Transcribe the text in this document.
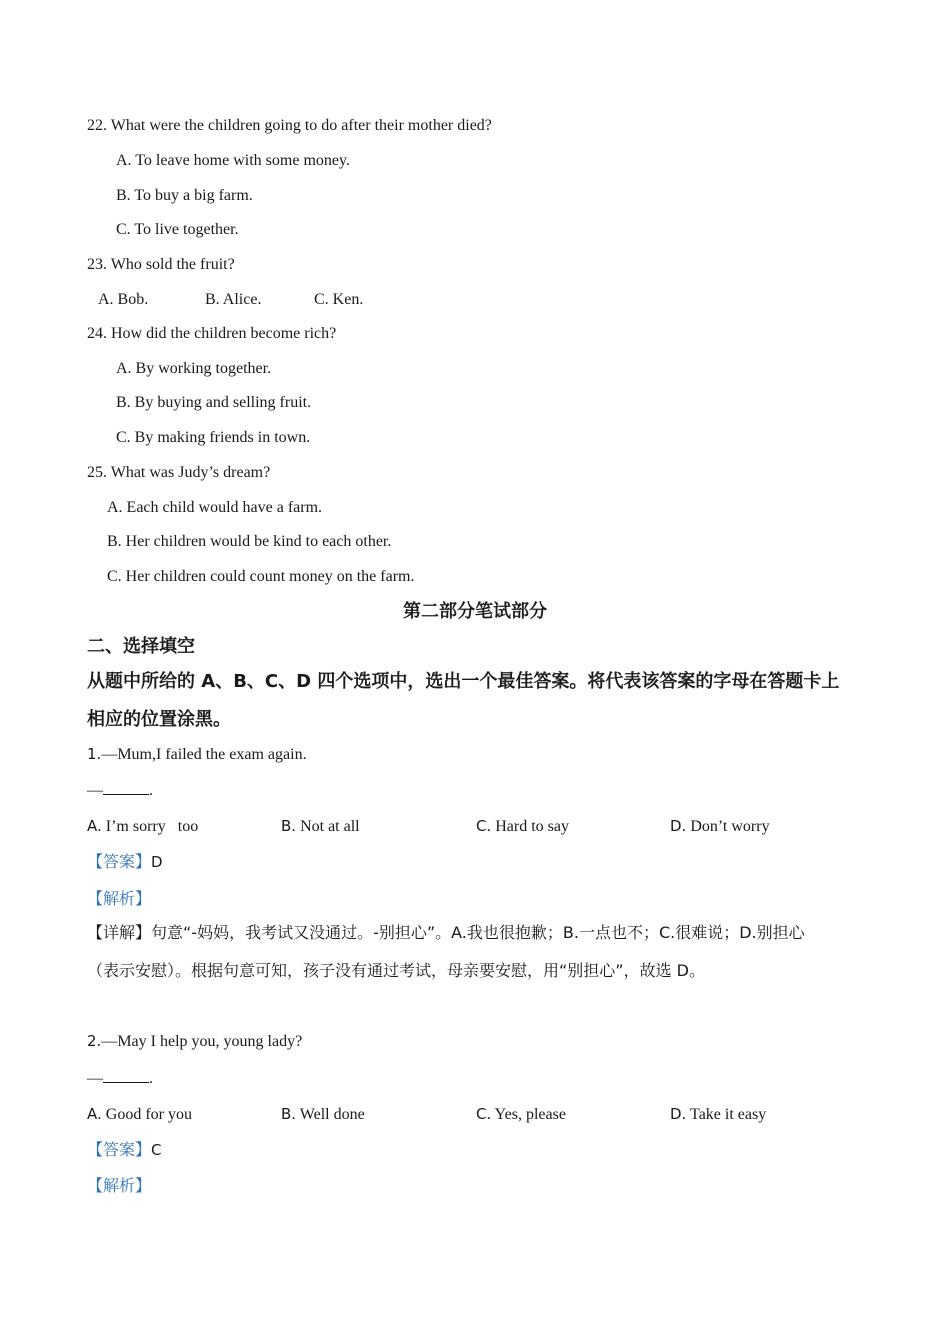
22. What were the children going to do after their mother died?
A. To leave home with some money.
B. To buy a big farm.
C. To live together.
23. Who sold the fruit?
A. Bob.	B. Alice.	C. Ken.
24. How did the children become rich?
A. By working together.
B. By buying and selling fruit.
C. By making friends in town.
25. What was Judy’s dream?
A. Each child would have a farm.
B. Her children would be kind to each other.
C. Her children could count money on the farm.
第二部分笔试部分
二、选择填空
从题中所给的 A、B、C、D 四个选项中，选出一个最佳答案。将代表该答案的字母在答题卡上
相应的位置涂黑。
1.—Mum,I failed the exam again.
—	.
A. I’m sorry   too	B. Not at all	C. Hard to say	D. Don’t worry
【答案】D
【解析】
【详解】句意“-妈妈，我考试又没通过。-别担心”。A.我也很抱歉；B.一点也不；C.很难说；D.别担心
（表示安慰）。根据句意可知，孩子没有通过考试，母亲要安慰，用“别担心”，故选 D。
2.—May I help you, young lady?
—	.
A. Good for you	B. Well done	C. Yes, please	D. Take it easy
【答案】C
【解析】
